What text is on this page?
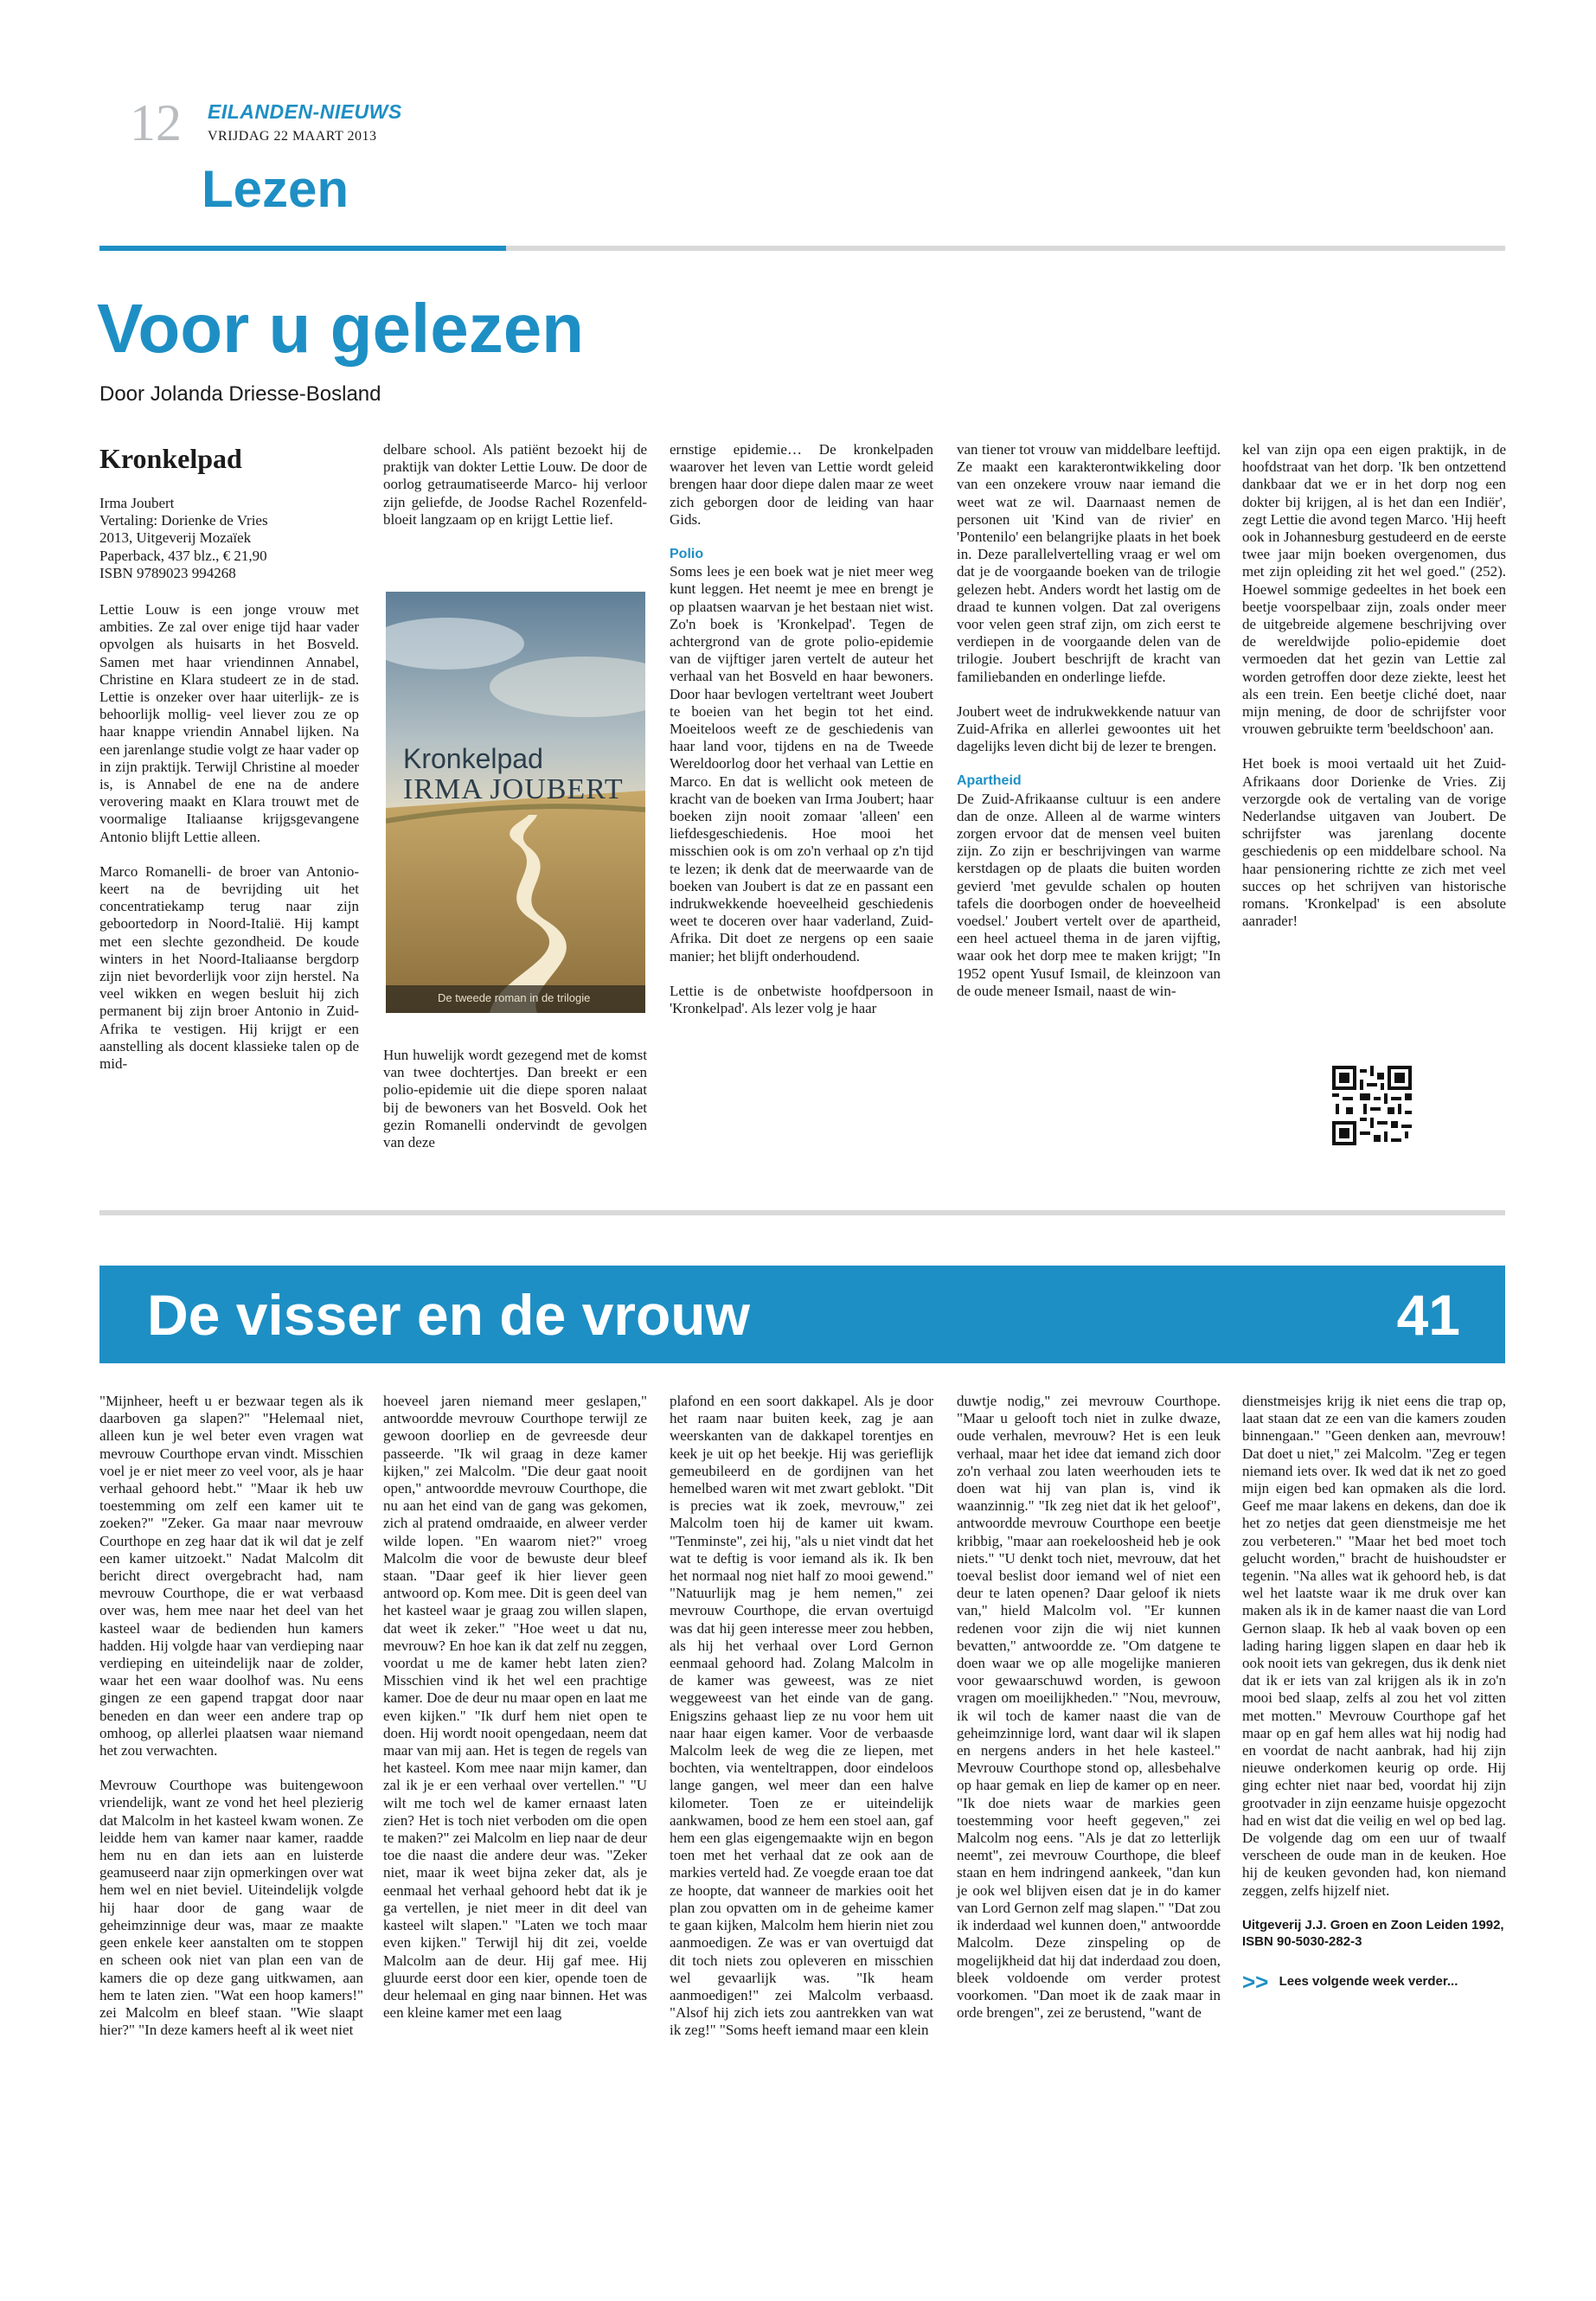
12 EILANDEN-NIEUWS
VRIJDAG 22 MAART 2013
Lezen
Voor u gelezen
Door Jolanda Driesse-Bosland
Kronkelpad
Irma Joubert
Vertaling: Dorienke de Vries
2013, Uitgeverij Mozaïek
Paperback, 437 blz., € 21,90
ISBN 9789023 994268

Lettie Louw is een jonge vrouw met ambities. Ze zal over enige tijd haar vader opvolgen als huisarts in het Bosveld. Samen met haar vriendinnen Annabel, Christine en Klara studeert ze in de stad. Lettie is onzeker over haar uiterlijk- ze is behoorlijk mollig- veel liever zou ze op haar knappe vriendin Annabel lijken. Na een jarenlange studie volgt ze haar vader op in zijn praktijk. Terwijl Christine al moeder is, is Annabel de ene na de andere verovering maakt en Klara trouwt met de voormalige Italiaanse krijgsgevangene Antonio blijft Lettie alleen.

Marco Romanelli- de broer van Antonio- keert na de bevrijding uit het concentratiekamp terug naar zijn geboortedorp in Noord-Italië. Hij kampt met een slechte gezondheid. De koude winters in het Noord-Italiaanse bergdorp zijn niet bevorderlijk voor zijn herstel. Na veel wikken en wegen besluit hij zich permanent bij zijn broer Antonio in Zuid-Afrika te vestigen. Hij krijgt er een aanstelling als docent klassieke talen op de mid-

delbare school. Als patiënt bezoekt hij de praktijk van dokter Lettie Louw. De door de oorlog getraumatiseerde Marco- hij verloor zijn geliefde, de Joodse Rachel Rozenfeld- bloeit langzaam op en krijgt Lettie lief.

Kronkelpad
IRMA JOUBERT
De tweede roman in de trilogie

Hun huwelijk wordt gezegend met de komst van twee dochtertjes. Dan breekt er een polio-epidemie uit die diepe sporen nalaat bij de bewoners van het Bosveld. Ook het gezin Romanelli ondervindt de gevolgen van deze

ernstige epidemie… De kronkelpaden waarover het leven van Lettie wordt geleid brengen haar door diepe dalen maar ze weet zich geborgen door de leiding van haar Gids.

Polio

Soms lees je een boek wat je niet meer weg kunt leggen. Het neemt je mee en brengt je op plaatsen waarvan je het bestaan niet wist. Zo'n boek is 'Kronkelpad'. Tegen de achtergrond van de grote polio-epidemie van de vijftiger jaren vertelt de auteur het verhaal van het Bosveld en haar bewoners. Door haar bevlogen verteltrant weet Joubert te boeien van het begin tot het eind. Moeiteloos weeft ze de geschiedenis van haar land voor, tijdens en na de Tweede Wereldoorlog door het verhaal van Lettie en Marco. En dat is wellicht ook meteen de kracht van de boeken van Irma Joubert; haar boeken zijn nooit zomaar 'alleen' een liefdesgeschiedenis. Hoe mooi het misschien ook is om zo'n verhaal op z'n tijd te lezen; ik denk dat de meerwaarde van de boeken van Joubert is dat ze en passant een indrukwekkende hoeveelheid geschiedenis weet te doceren over haar vaderland, Zuid-Afrika. Dit doet ze nergens op een saaie manier; het blijft onderhoudend.

Lettie is de onbetwiste hoofdpersoon in 'Kronkelpad'. Als lezer volg je haar

van tiener tot vrouw van middelbare leeftijd. Ze maakt een karakterontwikkeling door van een onzekere vrouw naar iemand die weet wat ze wil. Daarnaast nemen de personen uit 'Kind van de rivier' en 'Pontenilo' een belangrijke plaats in het boek in. Deze parallelvertelling vraag er wel om dat je de voorgaande boeken van de trilogie gelezen hebt. Anders wordt het lastig om de draad te kunnen volgen. Dat zal overigens voor velen geen straf zijn, om zich eerst te verdiepen in de voorgaande delen van de trilogie. Joubert beschrijft de kracht van familiebanden en onderlinge liefde.

Joubert weet de indrukwekkende natuur van Zuid-Afrika en allerlei gewoontes uit het dagelijks leven dicht bij de lezer te brengen.

Apartheid

De Zuid-Afrikaanse cultuur is een andere dan de onze. Alleen al de warme winters zorgen ervoor dat de mensen veel buiten zijn. Zo zijn er beschrijvingen van warme kerstdagen op de plaats die buiten worden gevierd 'met gevulde schalen op houten tafels die doorbogen onder de hoeveelheid voedsel.' Joubert vertelt over de apartheid, een heel actueel thema in de jaren vijftig, waar ook het dorp mee te maken krijgt; "In 1952 opent Yusuf Ismail, de kleinzoon van de oude meneer Ismail, naast de win-

kel van zijn opa een eigen praktijk, in de hoofdstraat van het dorp. 'Ik ben ontzettend dankbaar dat we er in het dorp nog een dokter bij krijgen, al is het dan een Indiër', zegt Lettie die avond tegen Marco. 'Hij heeft ook in Johannesburg gestudeerd en de eerste twee jaar mijn boeken overgenomen, dus met zijn opleiding zit het wel goed." (252). Hoewel sommige gedeeltes in het boek een beetje voorspelbaar zijn, zoals onder meer de uitgebreide algemene beschrijving over de wereldwijde polio-epidemie doet vermoeden dat het gezin van Lettie zal worden getroffen door deze ziekte, leest het als een trein. Een beetje cliché doet, naar mijn mening, de door de schrijfster voor vrouwen gebruikte term 'beeldschoon' aan.

Het boek is mooi vertaald uit het Zuid-Afrikaans door Dorienke de Vries. Zij verzorgde ook de vertaling van de vorige Nederlandse uitgaven van Joubert. De schrijfster was jarenlang docente geschiedenis op een middelbare school. Na haar pensionering richtte ze zich met veel succes op het schrijven van historische romans. 'Kronkelpad' is een absolute aanrader!

De visser en de vrouw	41

"Mijnheer, heeft u er bezwaar tegen als ik daarboven ga slapen?" "Helemaal niet, alleen kun je wel beter even vragen wat mevrouw Courthope ervan vindt. Misschien voel je er niet meer zo veel voor, als je haar verhaal gehoord hebt." "Maar ik heb uw toestemming om zelf een kamer uit te zoeken?" "Zeker. Ga maar naar mevrouw Courthope en zeg haar dat ik wil dat je zelf een kamer uitzoekt." Nadat Malcolm dit bericht direct overgebracht had, nam mevrouw Courthope, die er wat verbaasd over was, hem mee naar het deel van het kasteel waar de bedienden hun kamers hadden. Hij volgde haar van verdieping naar verdieping en uiteindelijk naar de zolder, waar het een waar doolhof was. Nu eens gingen ze een gapend trapgat door naar beneden en dan weer een andere trap op omhoog, op allerlei plaatsen waar niemand het zou verwachten.

Mevrouw Courthope was buitengewoon vriendelijk, want ze vond het heel plezierig dat Malcolm in het kasteel kwam wonen. Ze leidde hem van kamer naar kamer, raadde hem nu en dan iets aan en luisterde geamuseerd naar zijn opmerkingen over wat hem wel en niet beviel. Uiteindelijk volgde hij haar door de gang waar de geheimzinnige deur was, maar ze maakte geen enkele keer aanstalten om te stoppen en scheen ook niet van plan een van de kamers die op deze gang uitkwamen, aan hem te laten zien. "Wat een hoop kamers!" zei Malcolm en bleef staan. "Wie slaapt hier?" "In deze kamers heeft al ik weet niet

hoeveel jaren niemand meer geslapen," antwoordde mevrouw Courthope terwijl ze gewoon doorliep en de gevreesde deur passeerde. "Ik wil graag in deze kamer kijken," zei Malcolm. "Die deur gaat nooit open," antwoordde mevrouw Courthope, die nu aan het eind van de gang was gekomen, zich al pratend omdraaide, en alweer verder wilde lopen. "En waarom niet?" vroeg Malcolm die voor de bewuste deur bleef staan. "Daar geef ik hier liever geen antwoord op. Kom mee. Dit is geen deel van het kasteel waar je graag zou willen slapen, dat weet ik zeker." "Hoe weet u dat nu, mevrouw? En hoe kan ik dat zelf nu zeggen, voordat u me de kamer hebt laten zien? Misschien vind ik het wel een prachtige kamer. Doe de deur nu maar open en laat me even kijken." "Ik durf hem niet open te doen. Hij wordt nooit opengedaan, neem dat maar van mij aan. Het is tegen de regels van het kasteel. Kom mee naar mijn kamer, dan zal ik je er een verhaal over vertellen." "U wilt me toch wel de kamer ernaast laten zien? Het is toch niet verboden om die open te maken?" zei Malcolm en liep naar de deur toe die naast die andere deur was. "Zeker niet, maar ik weet bijna zeker dat, als je eenmaal het verhaal gehoord hebt dat ik je ga vertellen, je niet meer in dit deel van kasteel wilt slapen." "Laten we toch maar even kijken." Terwijl hij dit zei, voelde Malcolm aan de deur. Hij gaf mee. Hij gluurde eerst door een kier, opende toen de deur helemaal en ging naar binnen. Het was een kleine kamer met een laag

plafond en een soort dakkapel. Als je door het raam naar buiten keek, zag je aan weerskanten van de dakkapel torentjes en keek je uit op het beekje. Hij was gerieflijk gemeubileerd en de gordijnen van het hemelbed waren wit met zwart geblokt. "Dit is precies wat ik zoek, mevrouw," zei Malcolm toen hij de kamer uit kwam. "Tenminste", zei hij, "als u niet vindt dat het wat te deftig is voor iemand als ik. Ik ben het normaal nog niet half zo mooi gewend." "Natuurlijk mag je hem nemen," zei mevrouw Courthope, die ervan overtuigd was dat hij geen interesse meer zou hebben, als hij het verhaal over Lord Gernon eenmaal gehoord had. Zolang Malcolm in de kamer was geweest, was ze niet weggeweest van het einde van de gang. Enigszins gehaast liep ze nu voor hem uit naar haar eigen kamer. Voor de verbaasde Malcolm leek de weg die ze liepen, met bochten, via wenteltrappen, door eindeloos lange gangen, wel meer dan een halve kilometer. Toen ze er uiteindelijk aankwamen, bood ze hem een stoel aan, gaf hem een glas eigengemaakte wijn en begon toen met het verhaal dat ze ook aan de markies verteld had. Ze voegde eraan toe dat ze hoopte, dat wanneer de markies ooit het plan zou opvatten om in de geheime kamer te gaan kijken, Malcolm hem hierin niet zou aanmoedigen. Ze was er van overtuigd dat dit toch niets zou opleveren en misschien wel gevaarlijk was. "Ik heam aanmoedigen!" zei Malcolm verbaasd. "Alsof hij zich iets zou aantrekken van wat ik zeg!" "Soms heeft iemand maar een klein

duwtje nodig," zei mevrouw Courthope. "Maar u gelooft toch niet in zulke dwaze, oude verhalen, mevrouw? Het is een leuk verhaal, maar het idee dat iemand zich door zo'n verhaal zou laten weerhouden iets te doen wat hij van plan is, vind ik waanzinnig." "Ik zeg niet dat ik het geloof", antwoordde mevrouw Courthope een beetje kribbig, "maar aan roekeloosheid heb je ook niets." "U denkt toch niet, mevrouw, dat het toeval beslist door iemand wel of niet een deur te laten openen? Daar geloof ik niets van," hield Malcolm vol. "Er kunnen redenen voor zijn die wij niet kunnen bevatten," antwoordde ze. "Om datgene te doen waar we op alle mogelijke manieren voor gewaarschuwd worden, is gewoon vragen om moeilijkheden." "Nou, mevrouw, ik wil toch de kamer naast die van de geheimzinnige lord, want daar wil ik slapen en nergens anders in het hele kasteel." Mevrouw Courthope stond op, allesbehalve op haar gemak en liep de kamer op en neer. "Ik doe niets waar de markies geen toestemming voor heeft gegeven," zei Malcolm nog eens. "Als je dat zo letterlijk neemt", zei mevrouw Courthope, die bleef staan en hem indringend aankeek, "dan kun je ook wel blijven eisen dat je in do kamer van Lord Gernon zelf mag slapen." "Dat zou ik inderdaad wel kunnen doen," antwoordde Malcolm. Deze zinspeling op de mogelijkheid dat hij dat inderdaad zou doen, bleek voldoende om verder protest voorkomen. "Dan moet ik de zaak maar in orde brengen", zei ze berustend, "want de

dienstmeisjes krijg ik niet eens die trap op, laat staan dat ze een van die kamers zouden binnengaan." "Geen denken aan, mevrouw! Dat doet u niet," zei Malcolm. "Zeg er tegen niemand iets over. Ik wed dat ik net zo goed mijn eigen bed kan opmaken als die lord. Geef me maar lakens en dekens, dan doe ik het zo netjes dat geen dienstmeisje me het zou verbeteren." "Maar het bed moet toch gelucht worden," bracht de huishoudster er tegenin. "Na alles wat ik gehoord heb, is dat wel het laatste waar ik me druk over kan maken als ik in de kamer naast die van Lord Gernon slaap. Ik heb al vaak boven op een lading haring liggen slapen en daar heb ik ook nooit iets van gekregen, dus ik denk niet dat ik er iets van zal krijgen als ik in zo'n mooi bed slaap, zelfs al zou het vol zitten met motten." Mevrouw Courthope gaf het maar op en gaf hem alles wat hij nodig had en voordat de nacht aanbrak, had hij zijn nieuwe onderkomen keurig op orde. Hij ging echter niet naar bed, voordat hij zijn grootvader in zijn eenzame huisje opgezocht had en wist dat die veilig en wel op bed lag. De volgende dag om een uur of twaalf verscheen de oude man in de keuken. Hoe hij de keuken gevonden had, kon niemand zeggen, zelfs hijzelf niet.

Uitgeverij J.J. Groen en Zoon Leiden 1992, ISBN 90-5030-282-3
>> Lees volgende week verder...
